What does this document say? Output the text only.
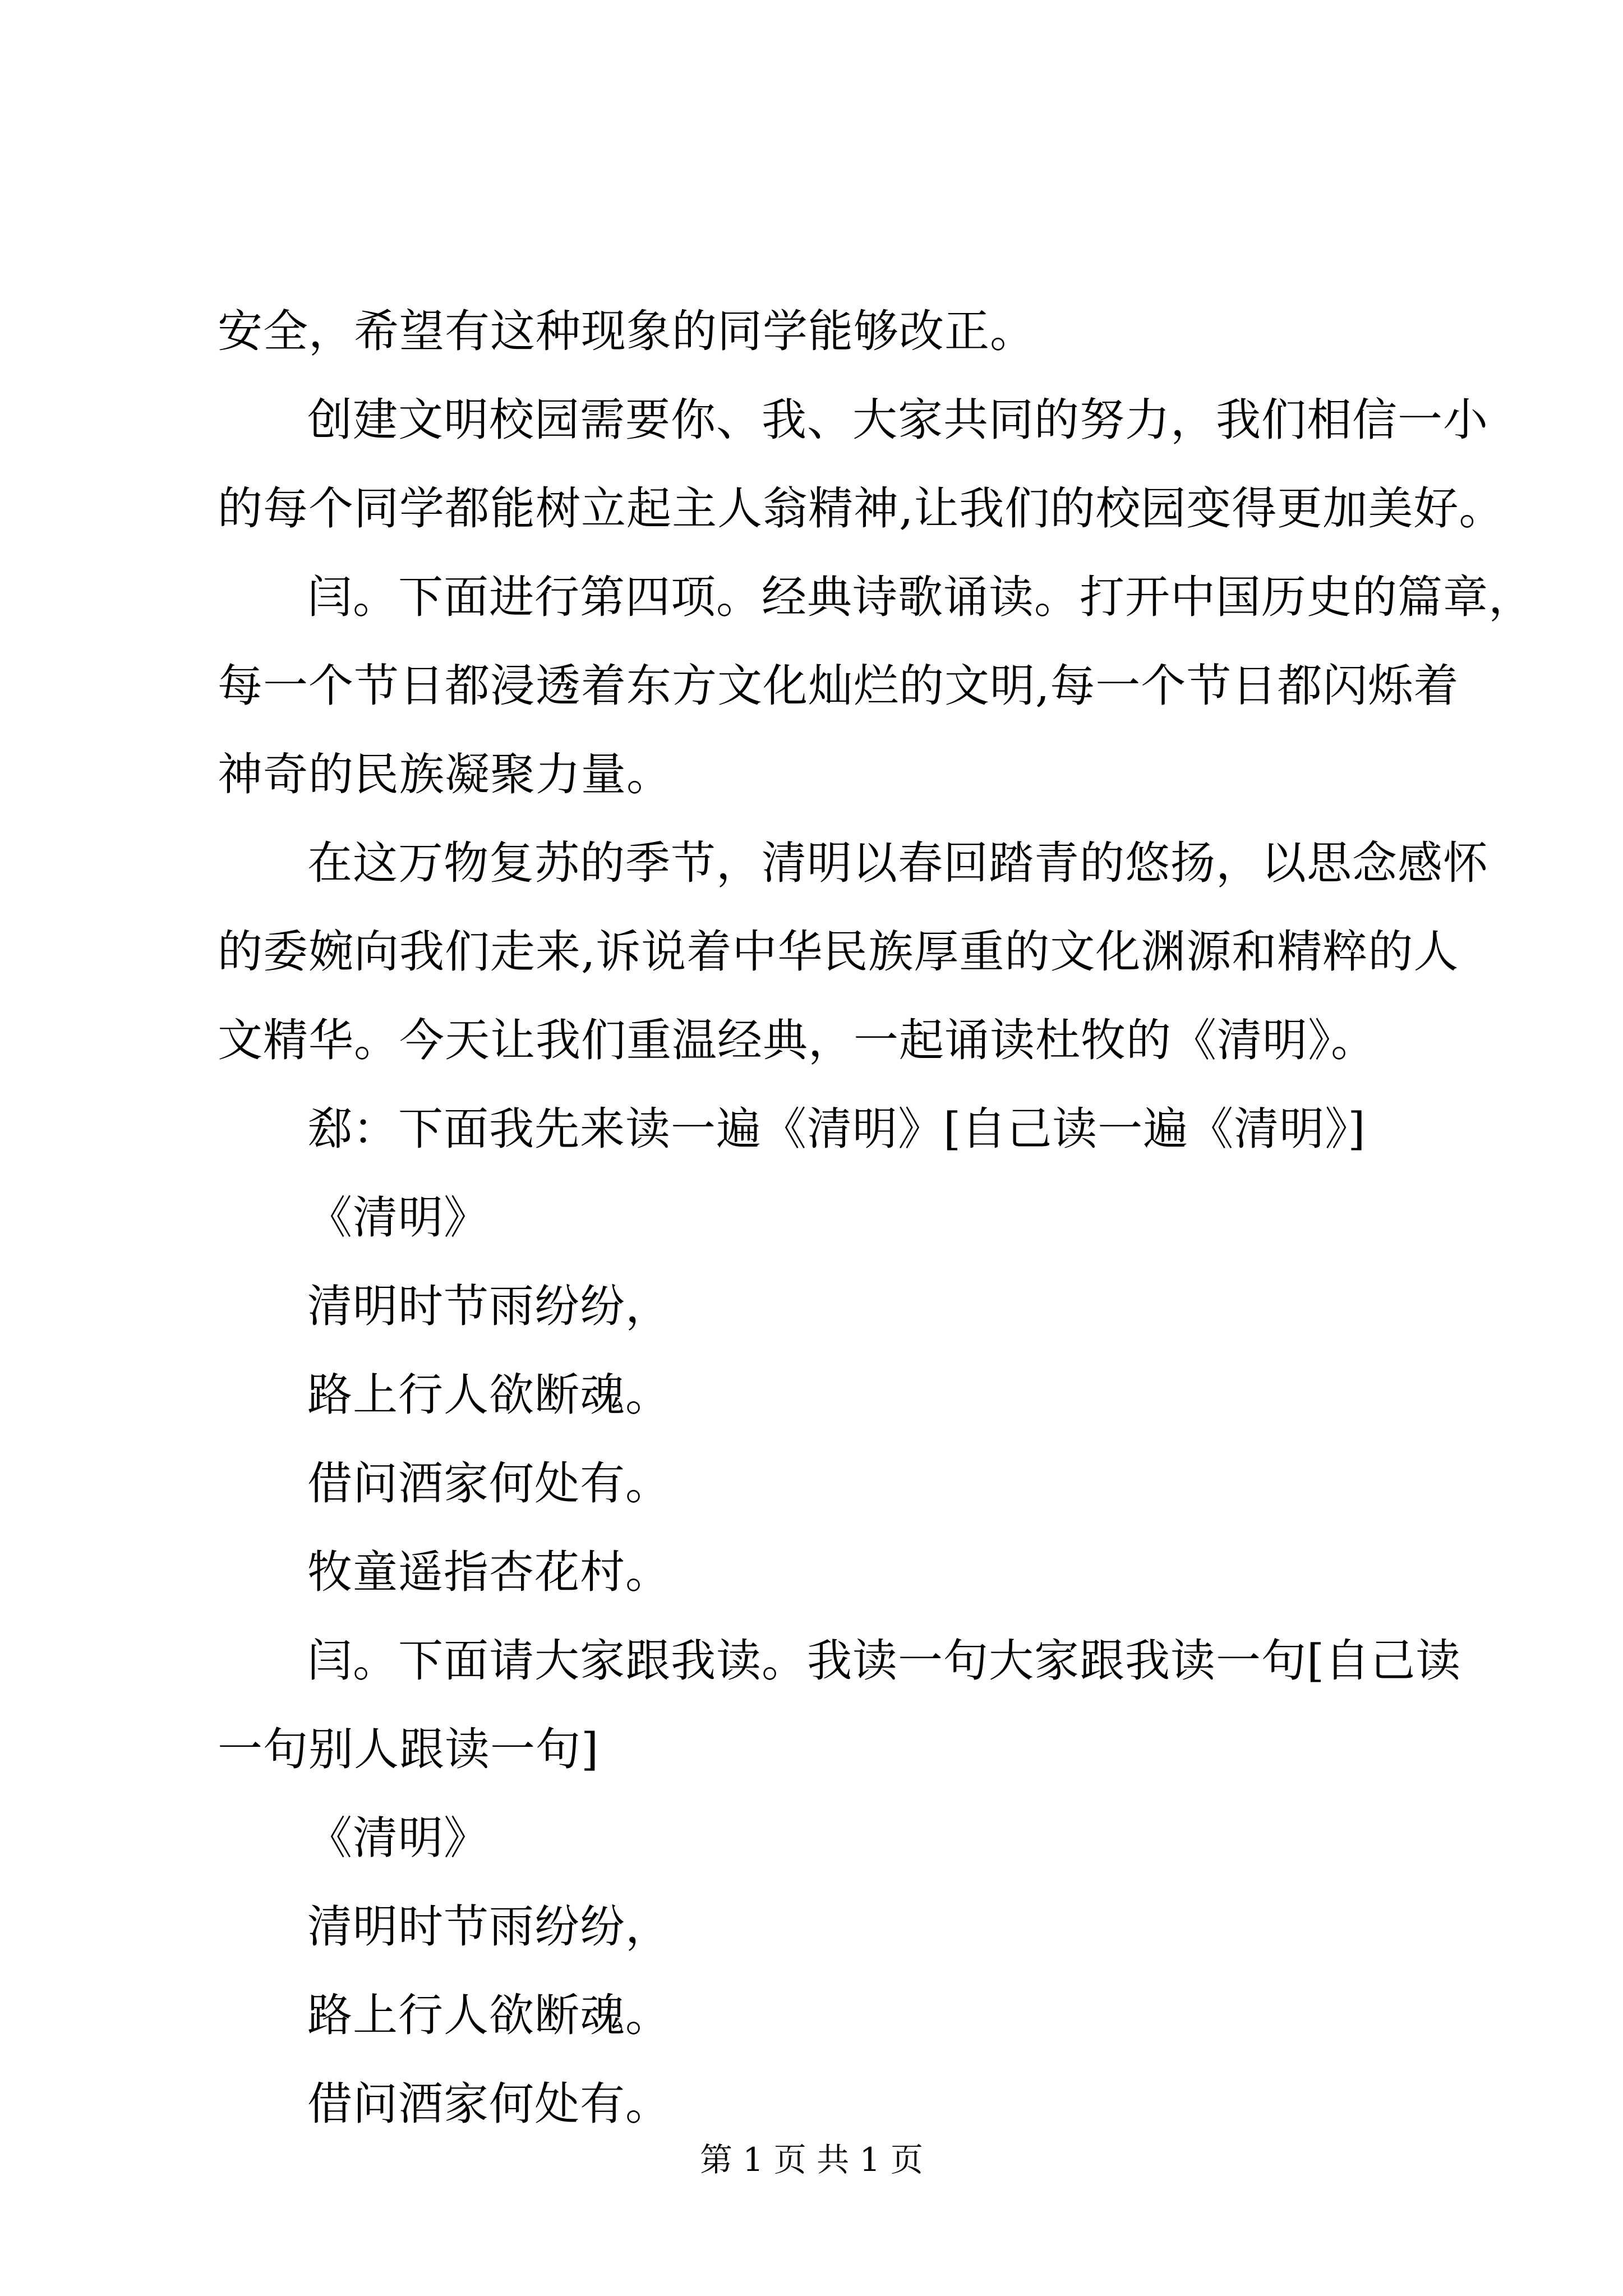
安全，希望有这种现象的同学能够改正。
创建文明校园需要你、我、大家共同的努力，我们相信一小
的每个同学都能树立起主人翁精神,让我们的校园变得更加美好。
闫。下面进行第四项。经典诗歌诵读。打开中国历史的篇章，
每一个节日都浸透着东方文化灿烂的文明,每一个节日都闪烁着
神奇的民族凝聚力量。
在这万物复苏的季节，清明以春回踏青的悠扬，以思念感怀
的委婉向我们走来,诉说着中华民族厚重的文化渊源和精粹的人
文精华。今天让我们重温经典，一起诵读杜牧的《清明》。
郄：下面我先来读一遍《清明》[自己读一遍《清明》]
《清明》
清明时节雨纷纷，
路上行人欲断魂。
借问酒家何处有。
牧童遥指杏花村。
闫。下面请大家跟我读。我读一句大家跟我读一句[自己读
一句别人跟读一句]
《清明》
清明时节雨纷纷，
路上行人欲断魂。
借问酒家何处有。
第 1 页 共 1 页
